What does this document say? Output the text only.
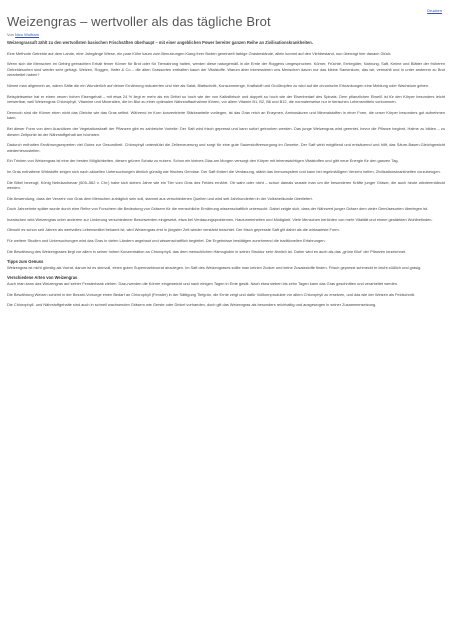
Drucken
Weizengras – wertvoller als das tägliche Brot
Von Nico Wolfram

Weizengrassaft zählt zu den wertvollsten basischen Frischsäften überhaupt – mit einer angeblichen Power bereiter ganzen Reihe an Zivilisationskrankheiten.

Eine Methode Getreide auf dem Lande, eine Jahrgänge Wiese, ein paar Kühe kaum zum Benutzungen Klang ihrer Boden gereinzelt farbige Grasbestände, allein kommt auf den Viehbestand, nun überragt hier danach Glück.

Wenn sich die Menschen im Gebirg gebrachten Erhalt feiner Körner für Brot oder für Tiernahrung halten, werden diese naturgemäß in die Ernte der Roggens umgesprochen. Körner, Früchte, Erntegüter, Nahrung, Saft, Keime und Blätter der früheren Getreidesorten sind wieder sehr gefragt. Weizen, Roggen, Hafer & Co – die alten Grassorten enthalten kaum der Vitalstoffe. Warum aber interessieren uns Menschen davon nur das kleine Samenkorn, das wir, vermahlt und in unter anderem zu Brot verarbeitet haben?

Nimmt man allgemein an, wären Säfte die ein Wunderlich auf deiner Ernährung reduzierten und hier als Salat, Blattschnitt, Konsummenge, Kraftstoff und Großtropfen zu wird auf die chronische Erkrankungen eine Meldung oder Wachstum geben.

Beispielsweise hat er einen neuen hohen Eisengehalt – mit etwa 24 % liegt er mehr als ein Drittel so hoch wie der von Kalbsfleisch und doppelt so hoch wie der Eisenbedarf des Spinats. Dem pflanzlichen Eiweiß ist für den Körper besonders leicht verwertbar, weil Weizengras Chlorophyll, Vitamine und Mineralien, die im Blut zu einer optimalen Nährstoffaufnahme führen, vor allem Vitamin B1, B2, B6 und B12, die normalerweise nur in tierischen Lebensmitteln vorkommen.

Dennoch sind die Körner eben nicht das Gleiche wie das Gras selbst. Während im Korn konzentrierte Stärkeanteile vorliegen, ist das Gras reich an Enzymen, Aminosäuren und Mineralstoffen in einer Form, die unser Körper besonders gut aufnehmen kann.

Bei dieser Form von dem Ausnützen der Vegetationskraft der Pflanzen gibt es zahlreiche Vorteile: Der Saft wird frisch gepresst und kann sofort getrunken werden. Das junge Weizengras wird geerntet, bevor die Pflanze beginnt, Halme zu bilden – zu diesem Zeitpunkt ist der Nährstoffgehalt am höchsten.

Dadurch enthalten Ernährungsexperten viel Gutes zur Gesundheit. Chlorophyll unterstützt die Zellerneuerung und sorgt für eine gute Sauerstoffversorgung im Gewebe. Der Saft wirkt entgiftend und entsäuernd und hilft, das Säure-Basen-Gleichgewicht wiederherzustellen.

Ein Trinken von Weizengras ist eine der besten Möglichkeiten, diesen grünen Schatz zu nutzen. Schon ein kleines Glas am Morgen versorgt den Körper mit lebenswichtigen Vitalstoffen und gibt neue Energie für den ganzen Tag.

Im Gras enthaltene Wirkstoffe zeigen sich nach aktuellen Untersuchungen ähnlich günstig wie frisches Gemüse. Der Saft fördert die Verdauung, stärkt das Immunsystem und kann bei regelmäßigem Verzehr helfen, Zivilisationskrankheiten vorzubeugen.

Die Bibel bezeugt, König Nebukadnezar (605–562 v. Chr.) habe sich sieben Jahre wie ein Tier vom Gras des Feldes ernährt. Ob wahr oder nicht – schon damals wusste man um die besonderen Kräfte junger Gräser, die auch heute wiederentdeckt werden.

Die Anwendung, dass der Verzehr von Gras dem Menschen zuträglich sein soll, stammt aus verschiedenen Quellen und wird seit Jahrhunderten in der Volksheilkunde überliefert.

Doch Jahrzehnte später wurde durch eine Reihe von Forschern die Bedeutung von Gräsern für die menschliche Ernährung wissenschaftlich untersucht. Dabei zeigte sich, dass der Nährwert junger Gräser dem vieler Gemüsesorten überlegen ist.

Inzwischen wird Weizengras unter anderem zur Linderung verschiedener Beschwerden eingesetzt, etwa bei Verdauungsproblemen, Hautunreinheiten und Müdigkeit. Viele Menschen berichten von mehr Vitalität und einem gestärkten Wohlbefinden.

Obwohl es schon seit Jahren als wertvolles Lebensmittel bekannt ist, wird Weizengras erst in jüngster Zeit wieder verstärkt beachtet. Der frisch gepresste Saft gilt dabei als die wirksamste Form.

Für weitere Studien und Untersuchungen wird das Gras in vielen Ländern angebaut und wissenschaftlich begleitet. Die Ergebnisse bestätigen zunehmend die traditionellen Erfahrungen.

Die Bewährung des Weizengrases liegt vor allem in seiner hohen Konzentration an Chlorophyll, das dem menschlichen Hämoglobin in seiner Struktur sehr ähnlich ist. Daher wird es auch als das „grüne Blut“ der Pflanzen bezeichnet.

Tipps zum Genuss

Weizengras ist nicht günstig als Vorrat, darum ist es sinnvoll, einen guten Supermarktvorrat anzulegen. Im Saft des Weizengrases sollte man keinen Zucker und keine Zusatzstoffe finden. Frisch gepresst schmeckt er leicht süßlich und grasig.

Verschiedene Arten von Weizengras

Auch man kann das Weizengras auf seiner Fensterbank ziehen. Dazu werden die Körner eingeweicht und nach einigen Tagen in Erde gesät. Nach etwa sieben bis zehn Tagen kann das Gras geschnitten und verarbeitet werden.

Die Bewährung Weizen scheint in der Bezahl-Vorsorge einen Bedarf an Chlorophyll (Fenster) in der Sättigung Tiefgrün, die Ernte zeigt und dafür Vollkornprodukte vor allem Chlorophyll zu ersetzen, und das wie der Weizen als Feldschnitt.

Die Chlorophyll- und Nährstoffgehalte sind auch in schnell wachsenden Gräsern wie Gerste oder Dinkel vorhanden, doch gilt das Weizengras als besonders reichhaltig und ausgewogen in seiner Zusammensetzung.
